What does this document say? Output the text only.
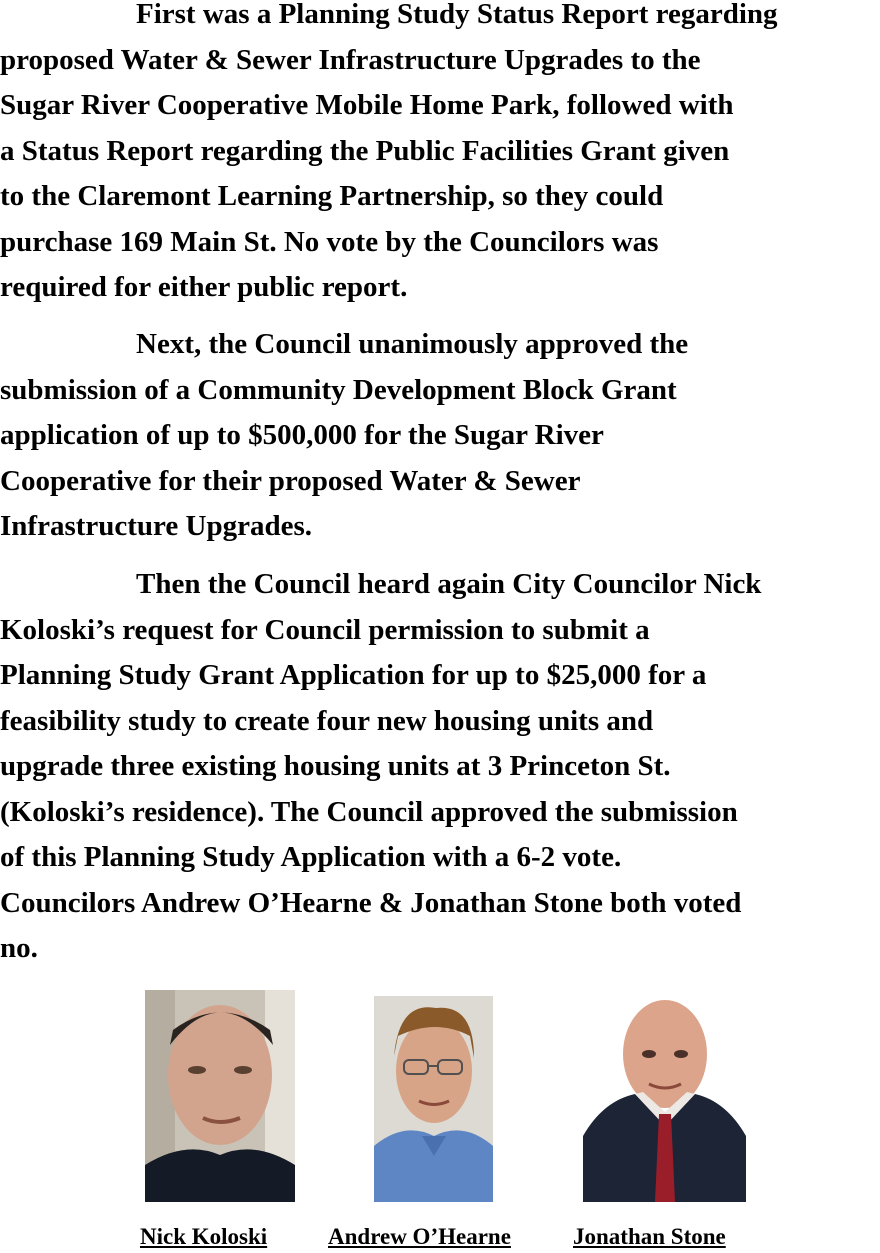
First was a Planning Study Status Report regarding
proposed Water & Sewer Infrastructure Upgrades to the
Sugar River Cooperative Mobile Home Park, followed with
a Status Report regarding the Public Facilities Grant given
to the Claremont Learning Partnership, so they could
purchase 169 Main St. No vote by the Councilors was
required for either public report.

Next, the Council unanimously approved the
submission of a Community Development Block Grant
application of up to $500,000 for the Sugar River
Cooperative for their proposed Water & Sewer
Infrastructure Upgrades.

Then the Council heard again City Councilor Nick
Koloski’s request for Council permission to submit a
Planning Study Grant Application for up to $25,000 for a
feasibility study to create four new housing units and
upgrade three existing housing units at 3 Princeton St.
(Koloski’s residence). The Council approved the submission
of this Planning Study Application with a 6-2 vote.
Councilors Andrew O’Hearne & Jonathan Stone both voted
no.

Nick Koloski	Andrew O’Hearne	Jonathan Stone
